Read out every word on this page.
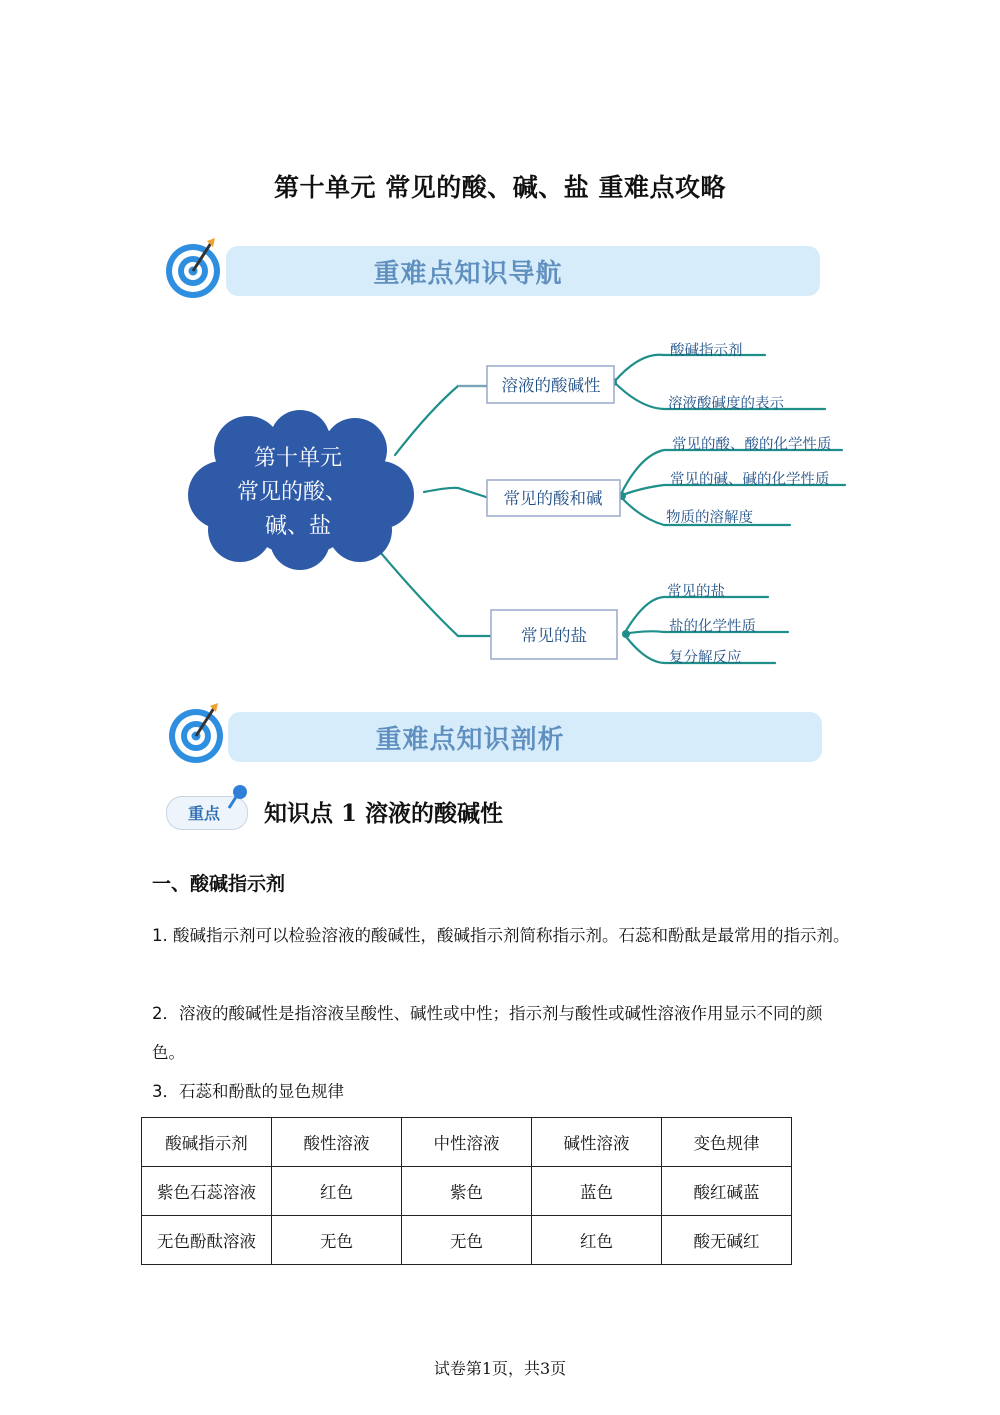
第十单元 常见的酸、碱、盐 重难点攻略
重难点知识导航
第十单元
常见的酸、
碱、盐
溶液的酸碱性
常见的酸和碱
常见的盐
酸碱指示剂
溶液酸碱度的表示
常见的酸、酸的化学性质
常见的碱、碱的化学性质
物质的溶解度
常见的盐
盐的化学性质
复分解反应
重难点知识剖析
重点 知识点 1 溶液的酸碱性
一、酸碱指示剂
1. 酸碱指示剂可以检验溶液的酸碱性，酸碱指示剂简称指示剂。石蕊和酚酞是最常用的指示剂。
2．溶液的酸碱性是指溶液呈酸性、碱性或中性；指示剂与酸性或碱性溶液作用显示不同的颜色。
3．石蕊和酚酞的显色规律
酸碱指示剂	酸性溶液	中性溶液	碱性溶液	变色规律
紫色石蕊溶液	红色	紫色	蓝色	酸红碱蓝
无色酚酞溶液	无色	无色	红色	酸无碱红
试卷第1页，共3页
